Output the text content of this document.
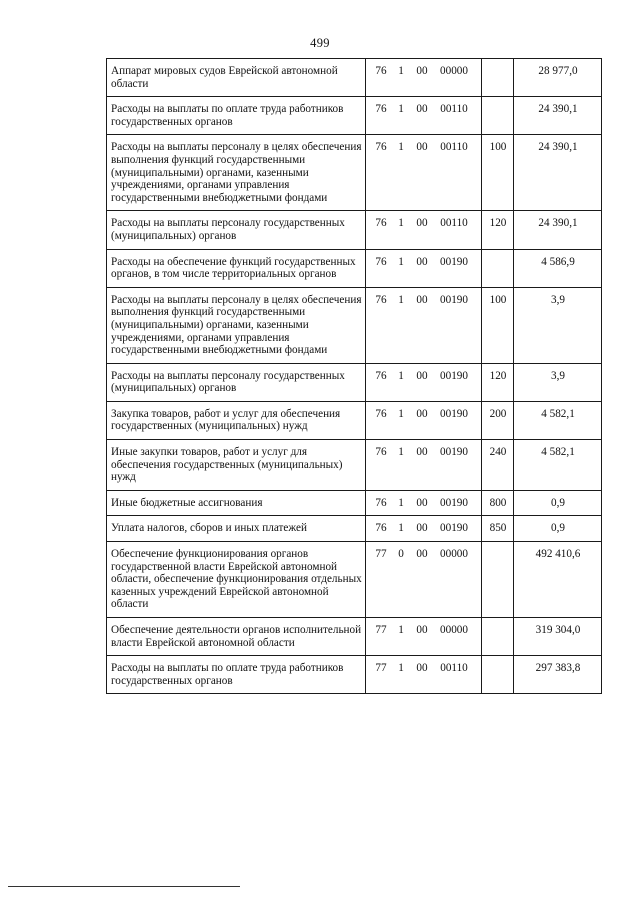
499
Аппарат мировых судов Еврейской автономной области	76 1 00 00000		28 977,0
Расходы на выплаты по оплате труда работников государственных органов	76 1 00 00110		24 390,1
Расходы на выплаты персоналу в целях обеспечения выполнения функций государственными (муниципальными) органами, казенными учреждениями, органами управления государственными внебюджетными фондами	76 1 00 00110	100	24 390,1
Расходы на выплаты персоналу государственных (муниципальных) органов	76 1 00 00110	120	24 390,1
Расходы на обеспечение функций государственных органов, в том числе территориальных органов	76 1 00 00190		4 586,9
Расходы на выплаты персоналу в целях обеспечения выполнения функций государственными (муниципальными) органами, казенными учреждениями, органами управления государственными внебюджетными фондами	76 1 00 00190	100	3,9
Расходы на выплаты персоналу государственных (муниципальных) органов	76 1 00 00190	120	3,9
Закупка товаров, работ и услуг для обеспечения государственных (муниципальных) нужд	76 1 00 00190	200	4 582,1
Иные закупки товаров, работ и услуг для обеспечения государственных (муниципальных) нужд	76 1 00 00190	240	4 582,1
Иные бюджетные ассигнования	76 1 00 00190	800	0,9
Уплата налогов, сборов и иных платежей	76 1 00 00190	850	0,9
Обеспечение функционирования органов государственной власти Еврейской автономной области, обеспечение функционирования отдельных казенных учреждений Еврейской автономной области	77 0 00 00000		492 410,6
Обеспечение деятельности органов исполнительной власти Еврейской автономной области	77 1 00 00000		319 304,0
Расходы на выплаты по оплате труда работников государственных органов	77 1 00 00110		297 383,8
